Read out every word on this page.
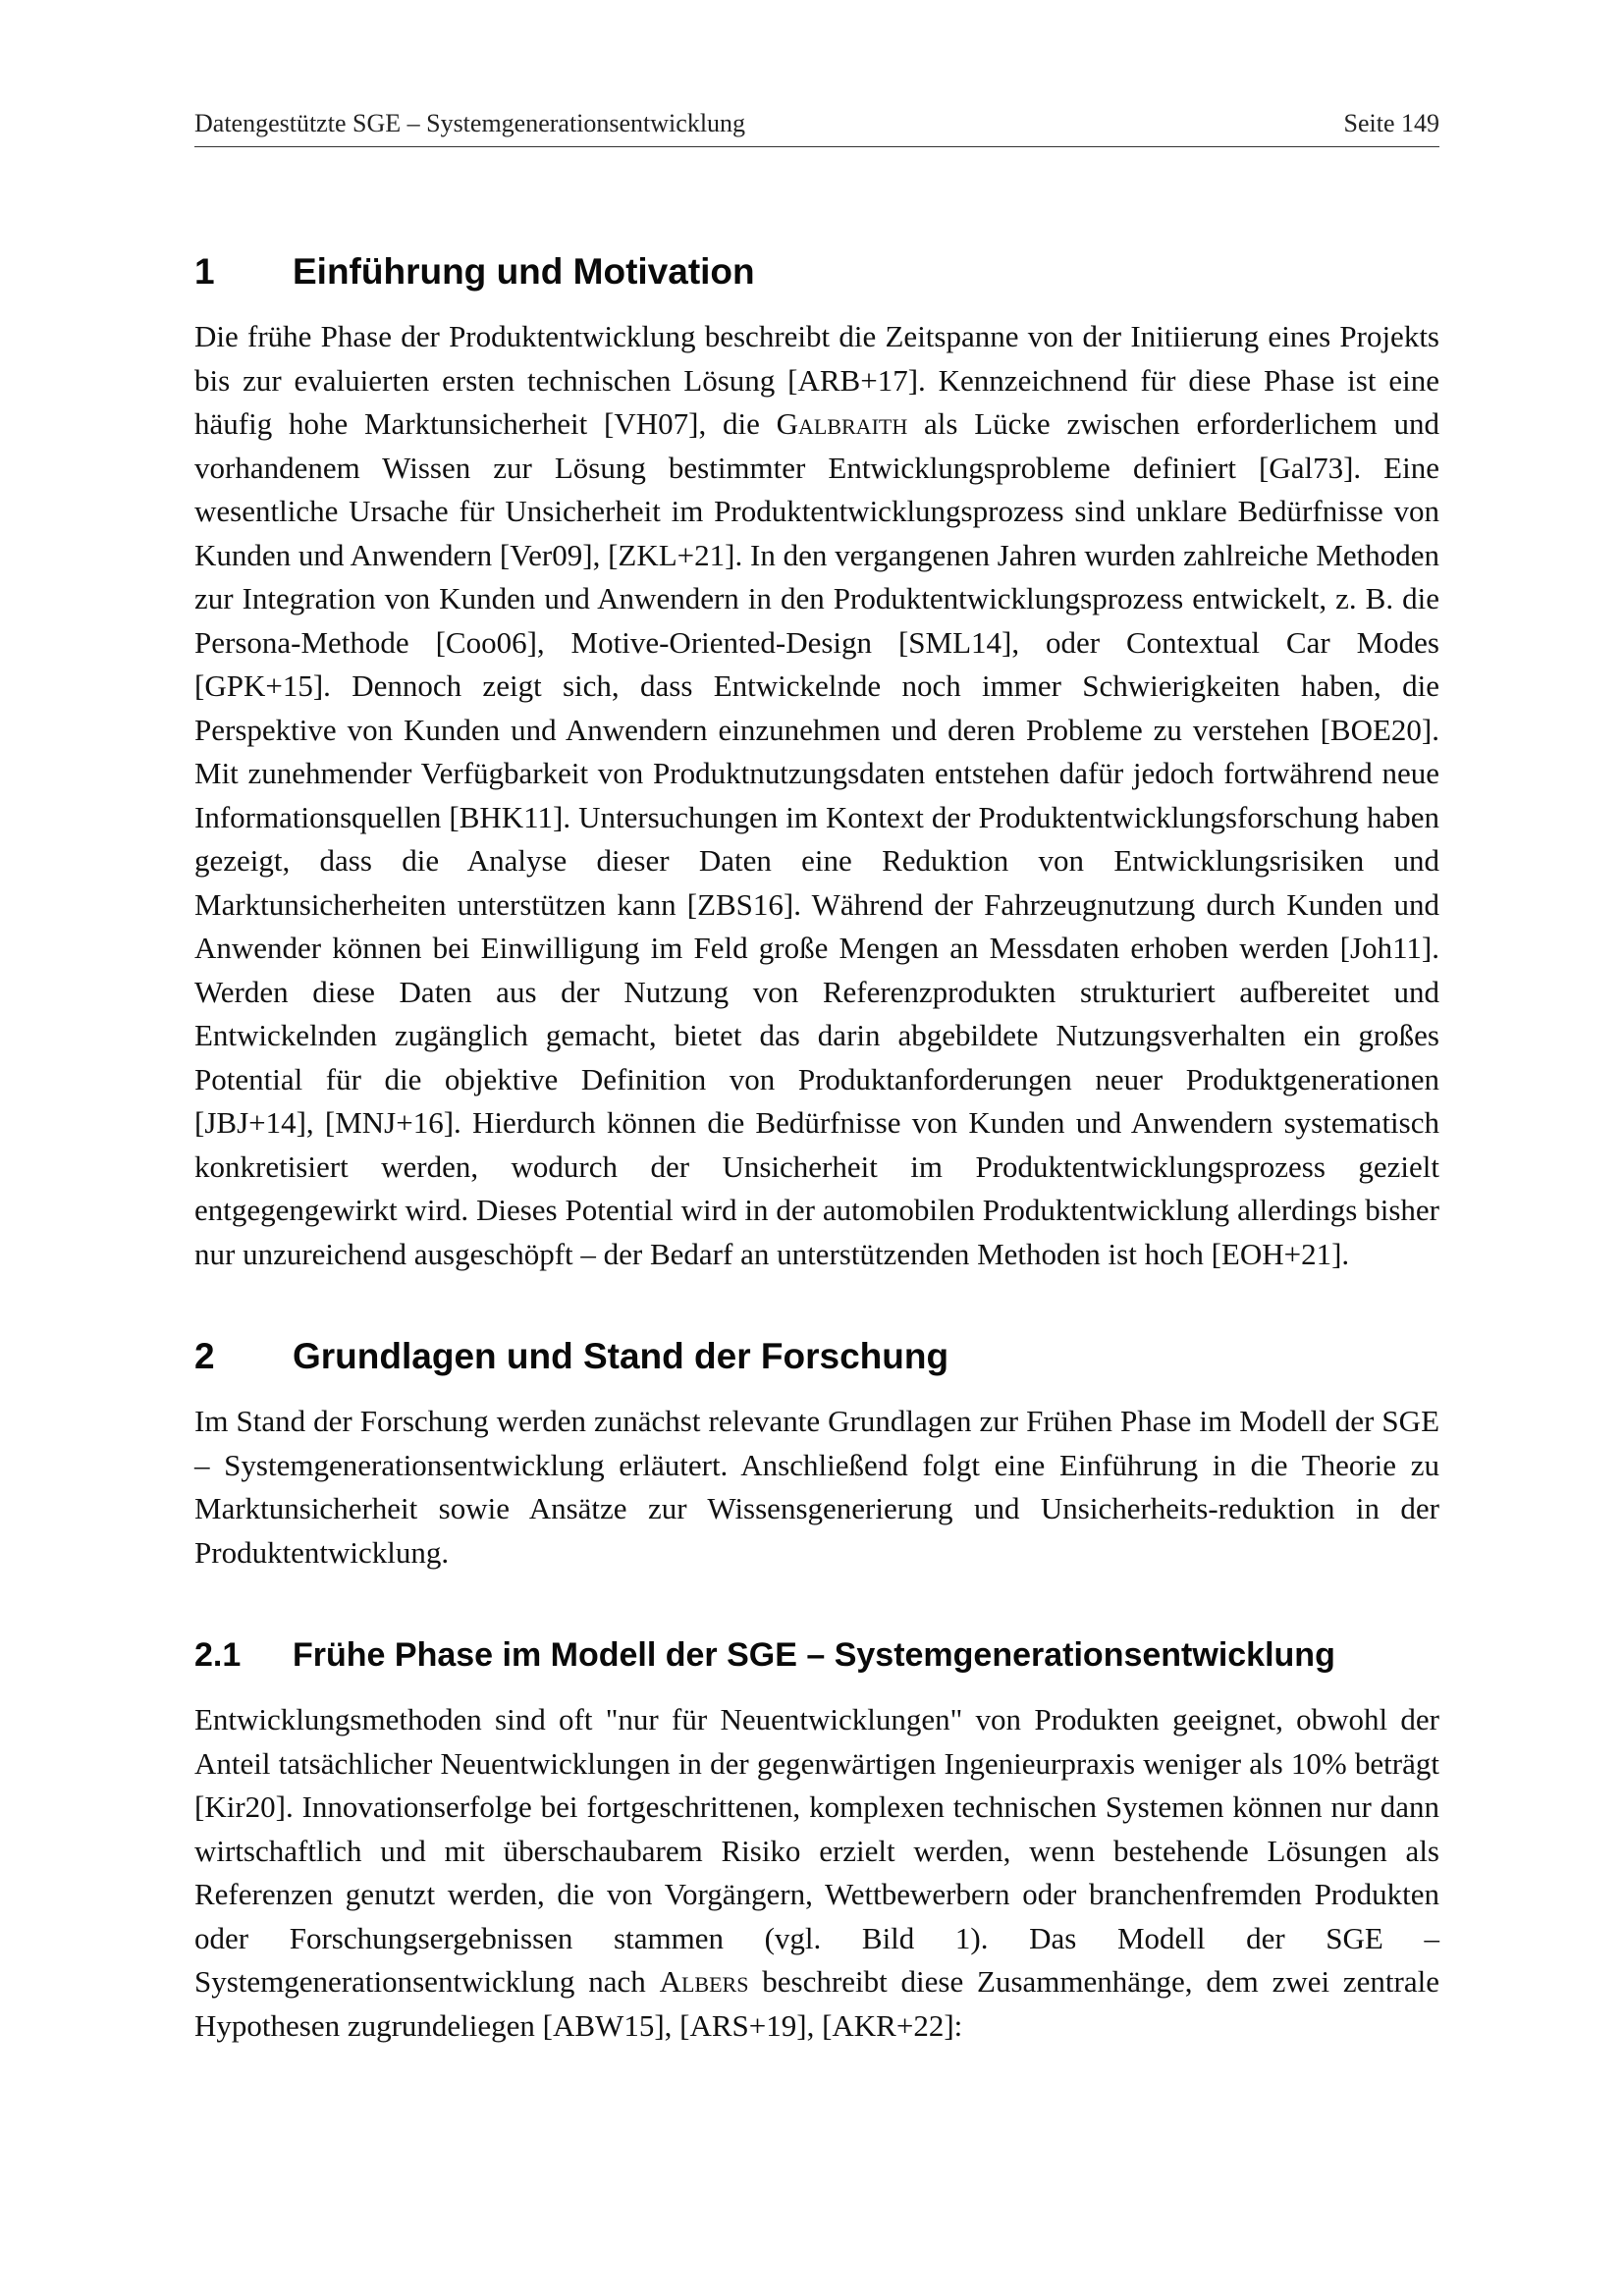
Datengestützte SGE – Systemgenerationsentwicklung	Seite 149
1	Einführung und Motivation

Die frühe Phase der Produktentwicklung beschreibt die Zeitspanne von der Initiierung eines Projekts bis zur evaluierten ersten technischen Lösung [ARB+17]. Kennzeichnend für diese Phase ist eine häufig hohe Marktunsicherheit [VH07], die Galbraith als Lücke zwischen erforderlichem und vorhandenem Wissen zur Lösung bestimmter Entwicklungsprobleme definiert [Gal73]. Eine wesentliche Ursache für Unsicherheit im Produktentwicklungsprozess sind unklare Bedürfnisse von Kunden und Anwendern [Ver09], [ZKL+21]. In den vergangenen Jahren wurden zahlreiche Methoden zur Integration von Kunden und Anwendern in den Produktentwicklungsprozess entwickelt, z. B. die Persona-Methode [Coo06], Motive-Oriented-Design [SML14], oder Contextual Car Modes [GPK+15]. Dennoch zeigt sich, dass Entwickelnde noch immer Schwierigkeiten haben, die Perspektive von Kunden und Anwendern einzunehmen und deren Probleme zu verstehen [BOE20]. Mit zunehmender Verfügbarkeit von Produktnutzungsdaten entstehen dafür jedoch fortwährend neue Informationsquellen [BHK11]. Untersuchungen im Kontext der Produktentwicklungsforschung haben gezeigt, dass die Analyse dieser Daten eine Reduktion von Entwicklungsrisiken und Marktunsicherheiten unterstützen kann [ZBS16]. Während der Fahrzeugnutzung durch Kunden und Anwender können bei Einwilligung im Feld große Mengen an Messdaten erhoben werden [Joh11]. Werden diese Daten aus der Nutzung von Referenzprodukten strukturiert aufbereitet und Entwickelnden zugänglich gemacht, bietet das darin abgebildete Nutzungsverhalten ein großes Potential für die objektive Definition von Produktanforderungen neuer Produktgenerationen [JBJ+14], [MNJ+16]. Hierdurch können die Bedürfnisse von Kunden und Anwendern systematisch konkretisiert werden, wodurch der Unsicherheit im Produktentwicklungsprozess gezielt entgegengewirkt wird. Dieses Potential wird in der automobilen Produktentwicklung allerdings bisher nur unzureichend ausgeschöpft – der Bedarf an unterstützenden Methoden ist hoch [EOH+21].

2	Grundlagen und Stand der Forschung

Im Stand der Forschung werden zunächst relevante Grundlagen zur Frühen Phase im Modell der SGE – Systemgenerationsentwicklung erläutert. Anschließend folgt eine Einführung in die Theorie zu Marktunsicherheit sowie Ansätze zur Wissensgenerierung und Unsicherheits-reduktion in der Produktentwicklung.

2.1	Frühe Phase im Modell der SGE – Systemgenerationsentwicklung

Entwicklungsmethoden sind oft "nur für Neuentwicklungen" von Produkten geeignet, obwohl der Anteil tatsächlicher Neuentwicklungen in der gegenwärtigen Ingenieurpraxis weniger als 10% beträgt [Kir20]. Innovationserfolge bei fortgeschrittenen, komplexen technischen Systemen können nur dann wirtschaftlich und mit überschaubarem Risiko erzielt werden, wenn bestehende Lösungen als Referenzen genutzt werden, die von Vorgängern, Wettbewerbern oder branchenfremden Produkten oder Forschungsergebnissen stammen (vgl. Bild 1). Das Modell der SGE – Systemgenerationsentwicklung nach Albers beschreibt diese Zusammenhänge, dem zwei zentrale Hypothesen zugrundeliegen [ABW15], [ARS+19], [AKR+22]:
